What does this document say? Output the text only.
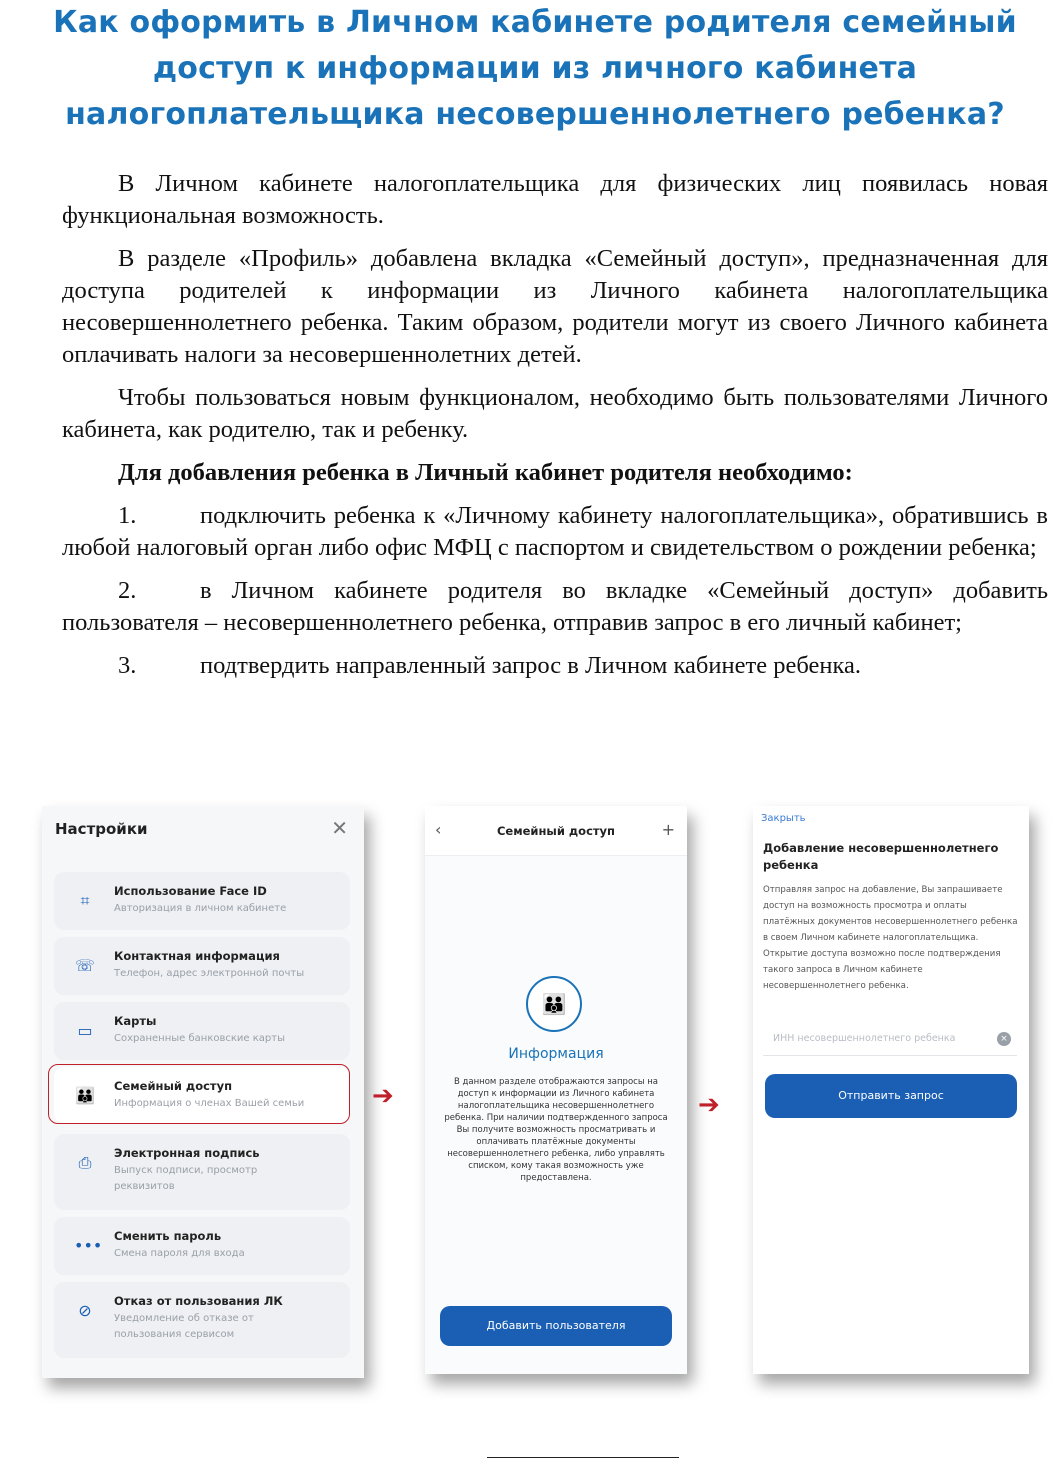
Как оформить в Личном кабинете родителя семейный доступ к информации из личного кабинета налогоплательщика несовершеннолетнего ребенка?

В Личном кабинете налогоплательщика для физических лиц появилась новая функциональная возможность.

В разделе «Профиль» добавлена вкладка «Семейный доступ», предназначенная для доступа родителей к информации из Личного кабинета налогоплательщика несовершеннолетнего ребенка. Таким образом, родители могут из своего Личного кабинета оплачивать налоги за несовершеннолетних детей.

Чтобы пользоваться новым функционалом, необходимо быть пользователями Личного кабинета, как родителю, так и ребенку.

Для добавления ребенка в Личный кабинет родителя необходимо:

1.	подключить ребенка к «Личному кабинету налогоплательщика», обратившись в любой налоговый орган либо офис МФЦ с паспортом и свидетельством о рождении ребенка;

2.	в Личном кабинете родителя во вкладке «Семейный доступ» добавить пользователя – несовершеннолетнего ребенка, отправив запрос в его личный кабинет;

3.	подтвердить направленный запрос в Личном кабинете ребенка.

Настройки	✕
⌗	Использование Face ID
Авторизация в личном кабинете
☏ Контактная информация
Телефон, адрес электронной почты
▭ Карты
Сохраненные банковские карты
👪 Семейный доступ
Информация о членах Вашей семьи
⎙	Электронная подпись
Выпуск подписи, просмотр реквизитов
••• Сменить пароль
Смена пароля для входа
⊘	Отказ от пользования ЛК
Уведомление об отказе от пользования сервисом
➔
‹	Семейный доступ	+
👪
Информация
В данном разделе отображаются запросы на доступ к информации из Личного кабинета налогоплательщика несовершеннолетнего ребенка. При наличии подтвержденного запроса Вы получите возможность просматривать и оплачивать платёжные документы несовершеннолетнего ребенка, либо управлять списком, кому такая возможность уже предоставлена.
Добавить пользователя
➔
Закрыть
Добавление несовершеннолетнего ребенка
Отправляя запрос на добавление, Вы запрашиваете доступ на возможность просмотра и оплаты платёжных документов несовершеннолетнего ребенка в своем Личном кабинете налогоплательщика. Открытие доступа возможно после подтверждения такого запроса в Личном кабинете несовершеннолетнего ребенка.
ИНН несовершеннолетнего ребенка	×
Отправить запрос
